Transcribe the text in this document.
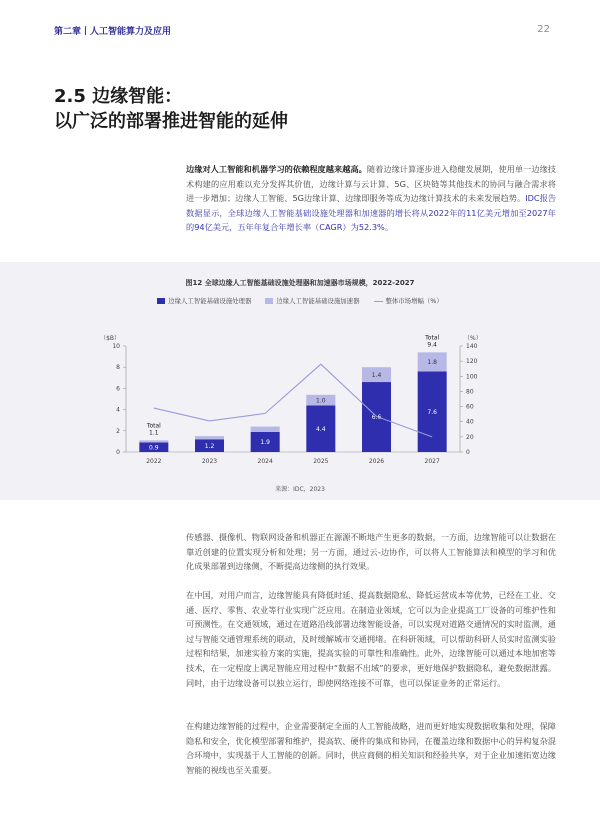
第二章丨人工智能算力及应用	22
2.5 边缘智能：
以广泛的部署推进智能的延伸

边缘对人工智能和机器学习的依赖程度越来越高。随着边缘计算逐步进入稳健发展期，使用单一边缘技术构建的应用难以充分发挥其价值，边缘计算与云计算、5G、区块链等其他技术的协同与融合需求将进一步增加；边缘人工智能、5G边缘计算、边缘即服务等成为边缘计算技术的未来发展趋势。IDC报告数据显示，全球边缘人工智能基础设施处理器和加速器的增长将从2022年的11亿美元增加至2027年的94亿美元，五年年复合年增长率（CAGR）为52.3%。

图12 全球边缘人工智能基础设施处理器和加速器市场规模，2022-2027
边缘人工智能基础设施处理器	边缘人工智能基础设施加速器	整体市场增幅（%）
0
2
4
6
8
10
0
20
40
60
80
100
120
140
（$B）	（%）
0.9
2022
1.2
2023
1.9
2024
4.4
1.0
2025
6.6
1.4
2026
7.6
1.8
2027
Total
1.1
Total
9.4
来源：IDC，2023

传感器、摄像机、物联网设备和机器正在源源不断地产生更多的数据，一方面，边缘智能可以让数据在靠近创建的位置实现分析和处理；另一方面，通过云-边协作，可以将人工智能算法和模型的学习和优化成果部署到边缘侧，不断提高边缘侧的执行效果。

在中国，对用户而言，边缘智能具有降低时延、提高数据隐私、降低运营成本等优势，已经在工业、交通、医疗、零售、农业等行业实现广泛应用。在制造业领域，它可以为企业提高工厂设备的可维护性和可预测性。在交通领域，通过在道路沿线部署边缘智能设备，可以实现对道路交通情况的实时监测，通过与智能交通管理系统的联动，及时缓解城市交通拥堵。在科研领域，可以帮助科研人员实时监测实验过程和结果，加速实验方案的实施，提高实验的可靠性和准确性。此外，边缘智能可以通过本地加密等技术，在一定程度上满足智能应用过程中“数据不出域”的要求，更好地保护数据隐私，避免数据泄露。同时，由于边缘设备可以独立运行，即使网络连接不可靠，也可以保证业务的正常运行。

在构建边缘智能的过程中，企业需要制定全面的人工智能战略，进而更好地实现数据收集和处理，保障隐私和安全，优化模型部署和维护，提高软、硬件的集成和协同，在覆盖边缘和数据中心的异构复杂混合环境中，实现基于人工智能的创新。同时，供应商侧的相关知识和经验共享，对于企业加速拓宽边缘智能的视线也至关重要。
